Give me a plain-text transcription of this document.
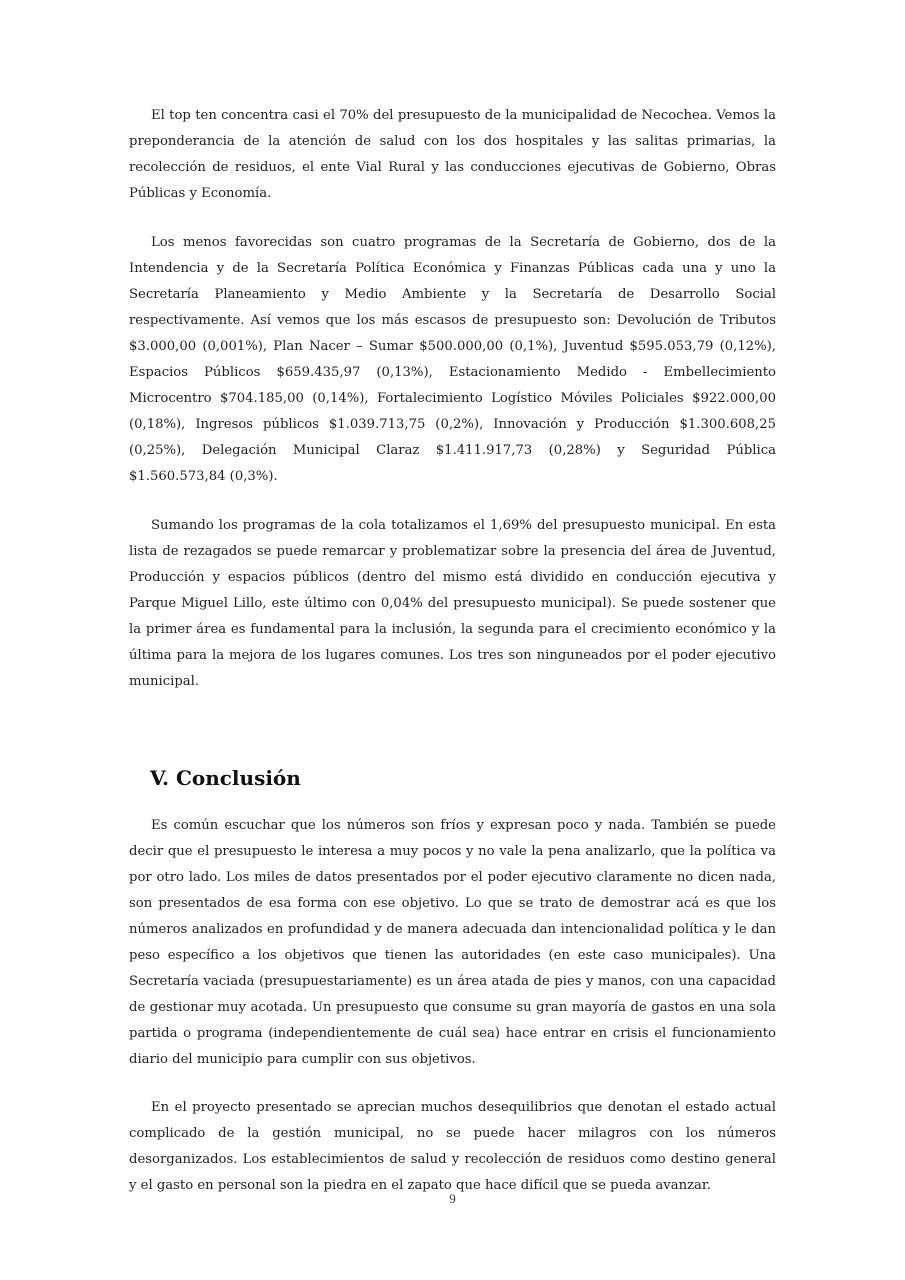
El top ten concentra casi el 70% del presupuesto de la municipalidad de Necochea. Vemos la preponderancia de la atención de salud con los dos hospitales y las salitas primarias, la recolección de residuos, el ente Vial Rural y las conducciones ejecutivas de Gobierno, Obras Públicas y Economía.

Los menos favorecidas son cuatro programas de la Secretaría de Gobierno, dos de la Intendencia y de la Secretaría Política Económica y Finanzas Públicas cada una y uno la Secretaría Planeamiento y Medio Ambiente y la Secretaría de Desarrollo Social respectivamente. Así vemos que los más escasos de presupuesto son: Devolución de Tributos $3.000,00 (0,001%), Plan Nacer – Sumar $500.000,00 (0,1%), Juventud $595.053,79 (0,12%), Espacios Públicos $659.435,97 (0,13%), Estacionamiento Medido - Embellecimiento Microcentro $704.185,00 (0,14%), Fortalecimiento Logístico Móviles Policiales $922.000,00 (0,18%), Ingresos públicos $1.039.713,75 (0,2%), Innovación y Producción $1.300.608,25 (0,25%), Delegación Municipal Claraz $1.411.917,73 (0,28%) y Seguridad Pública $1.560.573,84 (0,3%).

Sumando los programas de la cola totalizamos el 1,69% del presupuesto municipal. En esta lista de rezagados se puede remarcar y problematizar sobre la presencia del área de Juventud, Producción y espacios públicos (dentro del mismo está dividido en conducción ejecutiva y Parque Miguel Lillo, este último con 0,04% del presupuesto municipal). Se puede sostener que la primer área es fundamental para la inclusión, la segunda para el crecimiento económico y la última para la mejora de los lugares comunes. Los tres son ninguneados por el poder ejecutivo municipal.

V. Conclusión

Es común escuchar que los números son fríos y expresan poco y nada. También se puede decir que el presupuesto le interesa a muy pocos y no vale la pena analizarlo, que la política va por otro lado. Los miles de datos presentados por el poder ejecutivo claramente no dicen nada, son presentados de esa forma con ese objetivo. Lo que se trato de demostrar acá es que los números analizados en profundidad y de manera adecuada dan intencionalidad política y le dan peso específico a los objetivos que tienen las autoridades (en este caso municipales). Una Secretaría vaciada (presupuestariamente) es un área atada de pies y manos, con una capacidad de gestionar muy acotada. Un presupuesto que consume su gran mayoría de gastos en una sola partida o programa (independientemente de cuál sea) hace entrar en crisis el funcionamiento diario del municipio para cumplir con sus objetivos.

En el proyecto presentado se aprecian muchos desequilibrios que denotan el estado actual complicado de la gestión municipal, no se puede hacer milagros con los números desorganizados. Los establecimientos de salud y recolección de residuos como destino general y el gasto en personal son la piedra en el zapato que hace difícil que se pueda avanzar.

9
